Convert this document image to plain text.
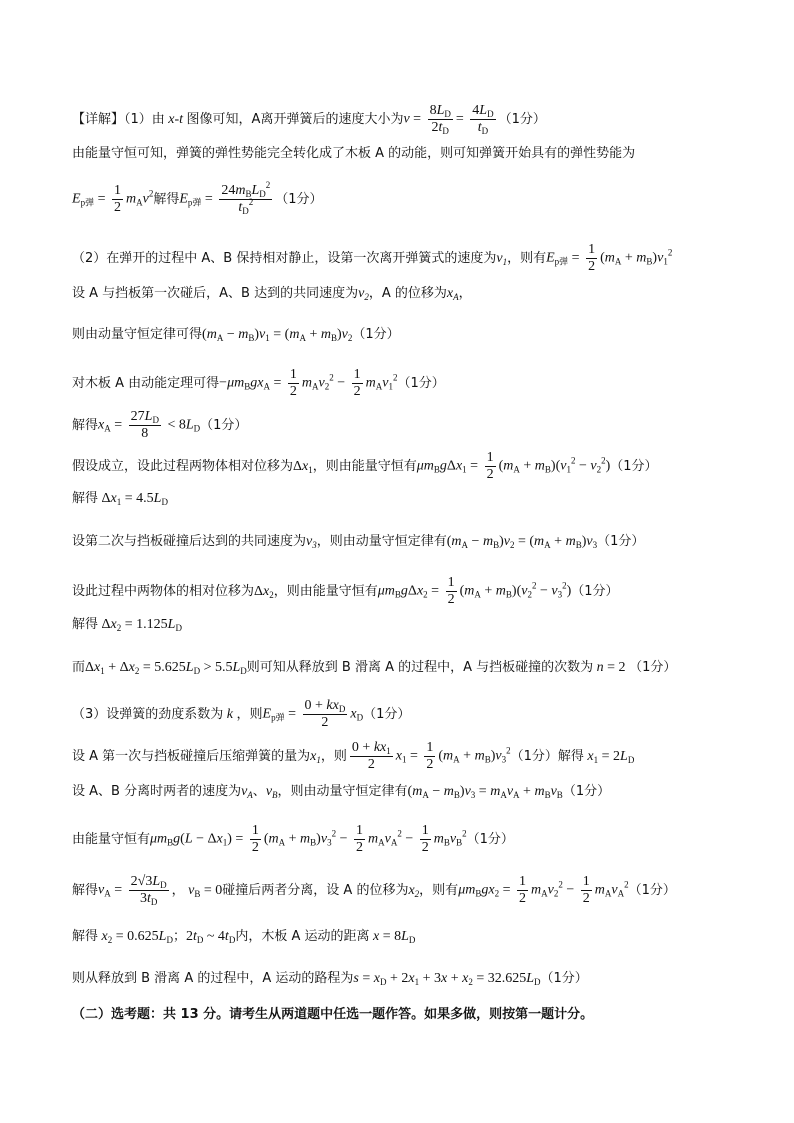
【详解】（1）由 x-t 图像可知，A离开弹簧后的速度大小为 $v = \frac{8L_D}{2t_D} = \frac{4L_D}{t_D} (1$分）
由能量守恒可知，弹簧的弹性势能完全转化成了木板 A 的动能，则可知弹簧开始具有的弹性势能为
$E_{p弹} = \frac{1}{2} m_Av^2$ 解得 $E_{p弹} = \frac{24m_BL_D^2}{t_D^2} (1$分）
（2）在弹开的过程中 A、B 保持相对静止，设第一次离开弹簧式的速度为 $v_1$ ，则有 $E_{p弹} = \frac{1}{2} (m_A + m_B)v_1^2$
设 A 与挡板第一次碰后，A、B 达到的共同速度为 $v_2$ ，A 的位移为 $x_A$ ，
则由动量守恒定律可得 $(m_A - m_B)v_1 = (m_A + m_B)v_2$ （1分）
对木板 A 由动能定理可得 $-\mu m_Bgx_A = \frac{1}{2} m_Av_2^2 - \frac{1}{2} m_Av_1^2$ （1分）
解得 $x_A = \frac{27L_D}{8} < 8L_D$ （1分）
假设成立，设此过程两物体相对位移为 $\Delta x_1$ ，则由能量守恒有 $\mu m_Bg\Delta x_1 = \frac{1}{2} (m_A + m_B)(v_1^2 - v_2^2)$ （1分）
解得 $\Delta x_1 = 4.5L_D$
设第二次与挡板碰撞后达到的共同速度为 $v_3$ ，则由动量守恒定律有 $(m_A - m_B)v_2 = (m_A + m_B)v_3$ （1分）
设此过程中两物体的相对位移为 $\Delta x_2$ ，则由能量守恒有 $\mu m_Bg\Delta x_2 = \frac{1}{2} (m_A + m_B)(v_2^2 - v_3^2)$ （1分）
解得 $\Delta x_2 = 1.125L_D$
而 $\Delta x_1 + \Delta x_2 = 5.625L_D > 5.5L_D$ 则可知从释放到 B 滑离 A 的过程中，A 与挡板碰撞的次数为 n = 2 （1分）
（3）设弹簧的劲度系数为 k ，则 $E_{p弹} = \frac{0 + kx_D}{2} x_D$ （1分）
设 A 第一次与挡板碰撞后压缩弹簧的量为 $x_1$ ，则 $\frac{0 + kx_1}{2} x_1 = \frac{1}{2} (m_A + m_B)v_3^2$ （1分）解得 $x_1 = 2L_D$
设 A、B 分离时两者的速度为 $v_A$ 、 $v_B$ ，则由动量守恒定律有 $(m_A - m_B)v_3 = m_Av_A + m_Bv_B$ （1分）
由能量守恒有 $\mu m_Bg(L - \Delta x_1) = \frac{1}{2} (m_A + m_B)v_3^2 - \frac{1}{2} m_Av_A^2 - \frac{1}{2} m_Bv_B^2$ （1分）
解得 $v_A = \frac{2√3L_D}{3t_D}$ ， $v_B = 0$ 碰撞后两者分离，设 A 的位移为 $x_2$ ，则有 $\mu m_Bgx_2 = \frac{1}{2} m_Av_2^2 - \frac{1}{2} m_Av_A^2$ （1分）
解得 $x_2 = 0.625L_D$ ； $2t_D$ ~ $4t_D$ 内，木板 A 运动的距离 $x = 8L_D$
则从释放到 B 滑离 A 的过程中，A 运动的路程为 $s = x_D + 2x_1 + 3x + x_2 = 32.625L_D$ （1分）
（二）选考题：共 13 分。请考生从两道题中任选一题作答。如果多做，则按第一题计分。
